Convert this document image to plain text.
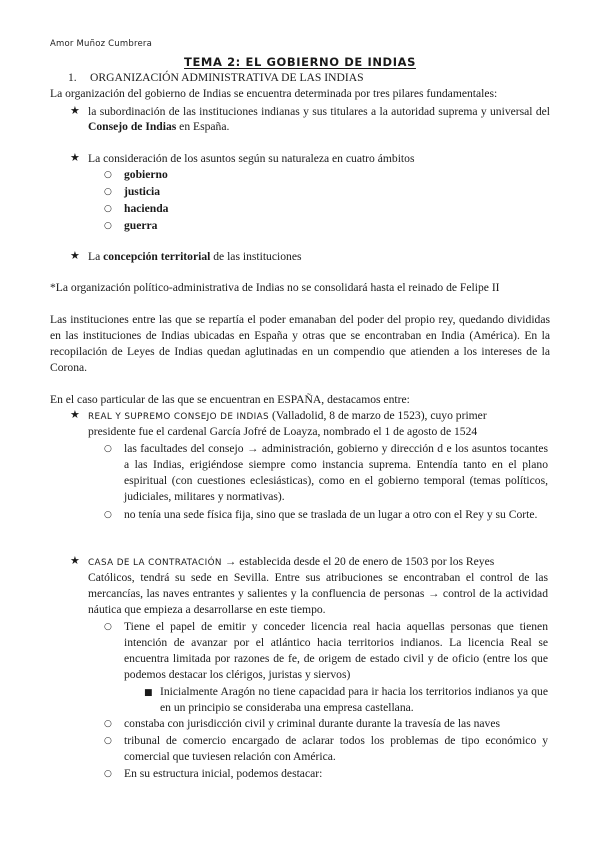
Amor Muñoz Cumbrera
TEMA 2: EL GOBIERNO DE INDIAS
1. ORGANIZACIÓN ADMINISTRATIVA DE LAS INDIAS
La organización del gobierno de Indias se encuentra determinada por tres pilares fundamentales:
★ la subordinación de las instituciones indianas y sus titulares a la autoridad suprema y universal del Consejo de Indias en España.
★ La consideración de los asuntos según su naturaleza en cuatro ámbitos
○ gobierno
○ justicia
○ hacienda
○ guerra
★ La concepción territorial de las instituciones
*La organización político-administrativa de Indias no se consolidará hasta el reinado de Felipe II
Las instituciones entre las que se repartía el poder emanaban del poder del propio rey, quedando divididas en las instituciones de Indias ubicadas en España y otras que se encontraban en India (América). En la recopilación de Leyes de Indias quedan aglutinadas en un compendio que atienden a los intereses de la Corona.
En el caso particular de las que se encuentran en ESPAÑA, destacamos entre:
★ REAL Y SUPREMO CONSEJO DE INDIAS (Valladolid, 8 de marzo de 1523), cuyo primer
presidente fue el cardenal García Jofré de Loayza, nombrado el 1 de agosto de 1524
○ las facultades del consejo → administración, gobierno y dirección d e los asuntos tocantes a las Indias, erigiéndose siempre como instancia suprema. Entendía tanto en el plano espiritual (con cuestiones eclesiásticas), como en el gobierno temporal (temas políticos, judiciales, militares y normativas).
○ no tenía una sede física fija, sino que se traslada de un lugar a otro con el Rey y su Corte.
★ CASA DE LA CONTRATACIÓN → establecida desde el 20 de enero de 1503 por los Reyes
Católicos, tendrá su sede en Sevilla. Entre sus atribuciones se encontraban el control de las mercancías, las naves entrantes y salientes y la confluencia de personas → control de la actividad náutica que empieza a desarrollarse en este tiempo.
○ Tiene el papel de emitir y conceder licencia real hacia aquellas personas que tienen intención de avanzar por el atlántico hacia territorios indianos. La licencia Real se encuentra limitada por razones de fe, de origem de estado civil y de oficio (entre los que podemos destacar los clérigos, juristas y siervos)
■ Inicialmente Aragón no tiene capacidad para ir hacia los territorios indianos ya que en un principio se consideraba una empresa castellana.
○ constaba con jurisdicción civil y criminal durante durante la travesía de las naves
○ tribunal de comercio encargado de aclarar todos los problemas de tipo económico y comercial que tuviesen relación con América.
○ En su estructura inicial, podemos destacar:
